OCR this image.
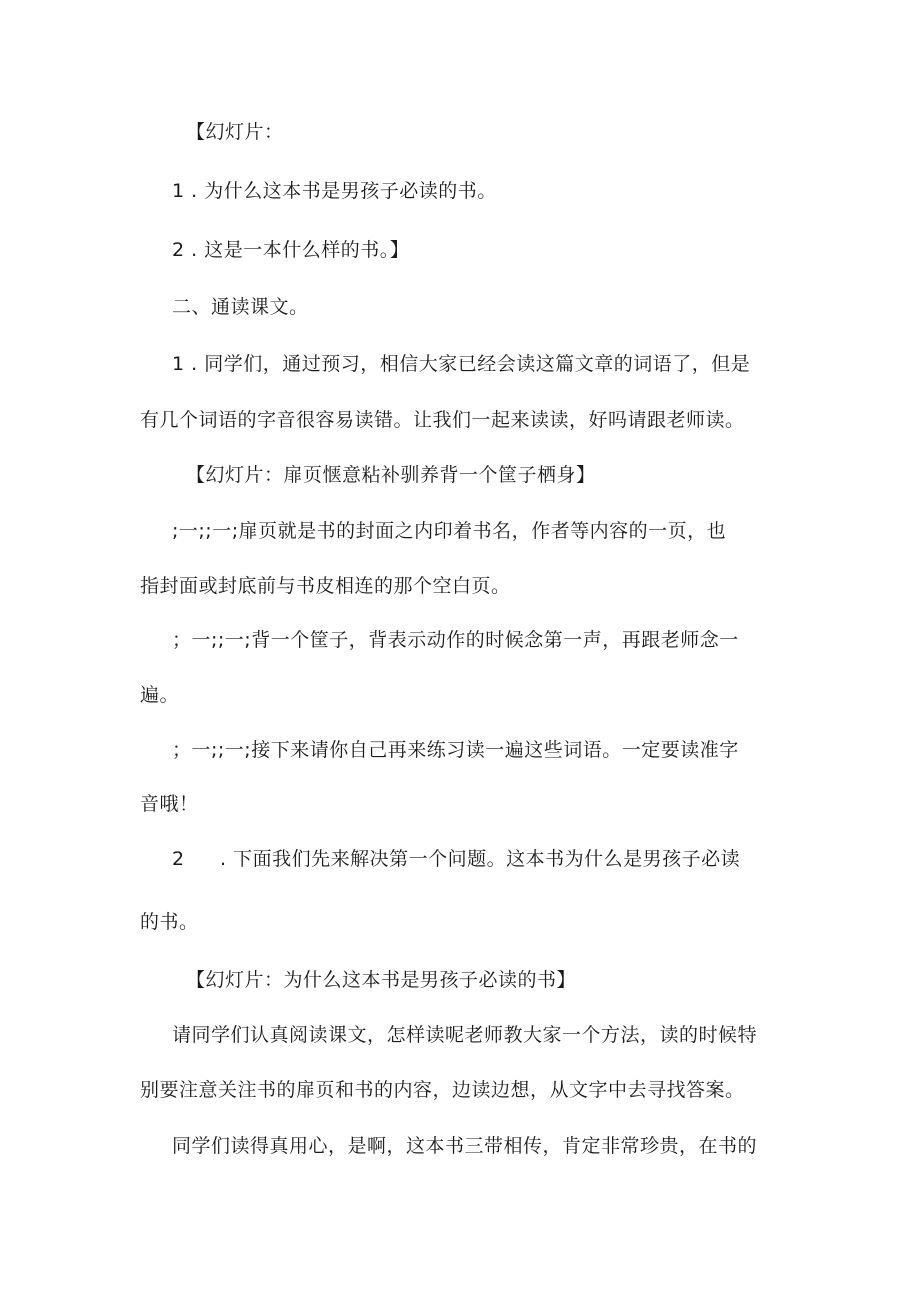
【幻灯片：
1 . 为什么这本书是男孩子必读的书。
2 . 这是一本什么样的书。】
二、通读课文。
1 . 同学们，通过预习，相信大家已经会读这篇文章的词语了，但是
有几个词语的字音很容易读错。让我们一起来读读，好吗请跟老师读。
【幻灯片：扉页惬意粘补驯养背一个筐子栖身】
;一;;一;扉页就是书的封面之内印着书名，作者等内容的一页，也
指封面或封底前与书皮相连的那个空白页。
；一;;一;背一个筐子，背表示动作的时候念第一声，再跟老师念一
遍。
；一;;一;接下来请你自己再来练习读一遍这些词语。一定要读准字
音哦！
2 . 下面我们先来解决第一个问题。这本书为什么是男孩子必读
的书。
【幻灯片：为什么这本书是男孩子必读的书】
请同学们认真阅读课文，怎样读呢老师教大家一个方法，读的时候特
别要注意关注书的扉页和书的内容，边读边想，从文字中去寻找答案。
同学们读得真用心，是啊，这本书三带相传，肯定非常珍贵，在书的
